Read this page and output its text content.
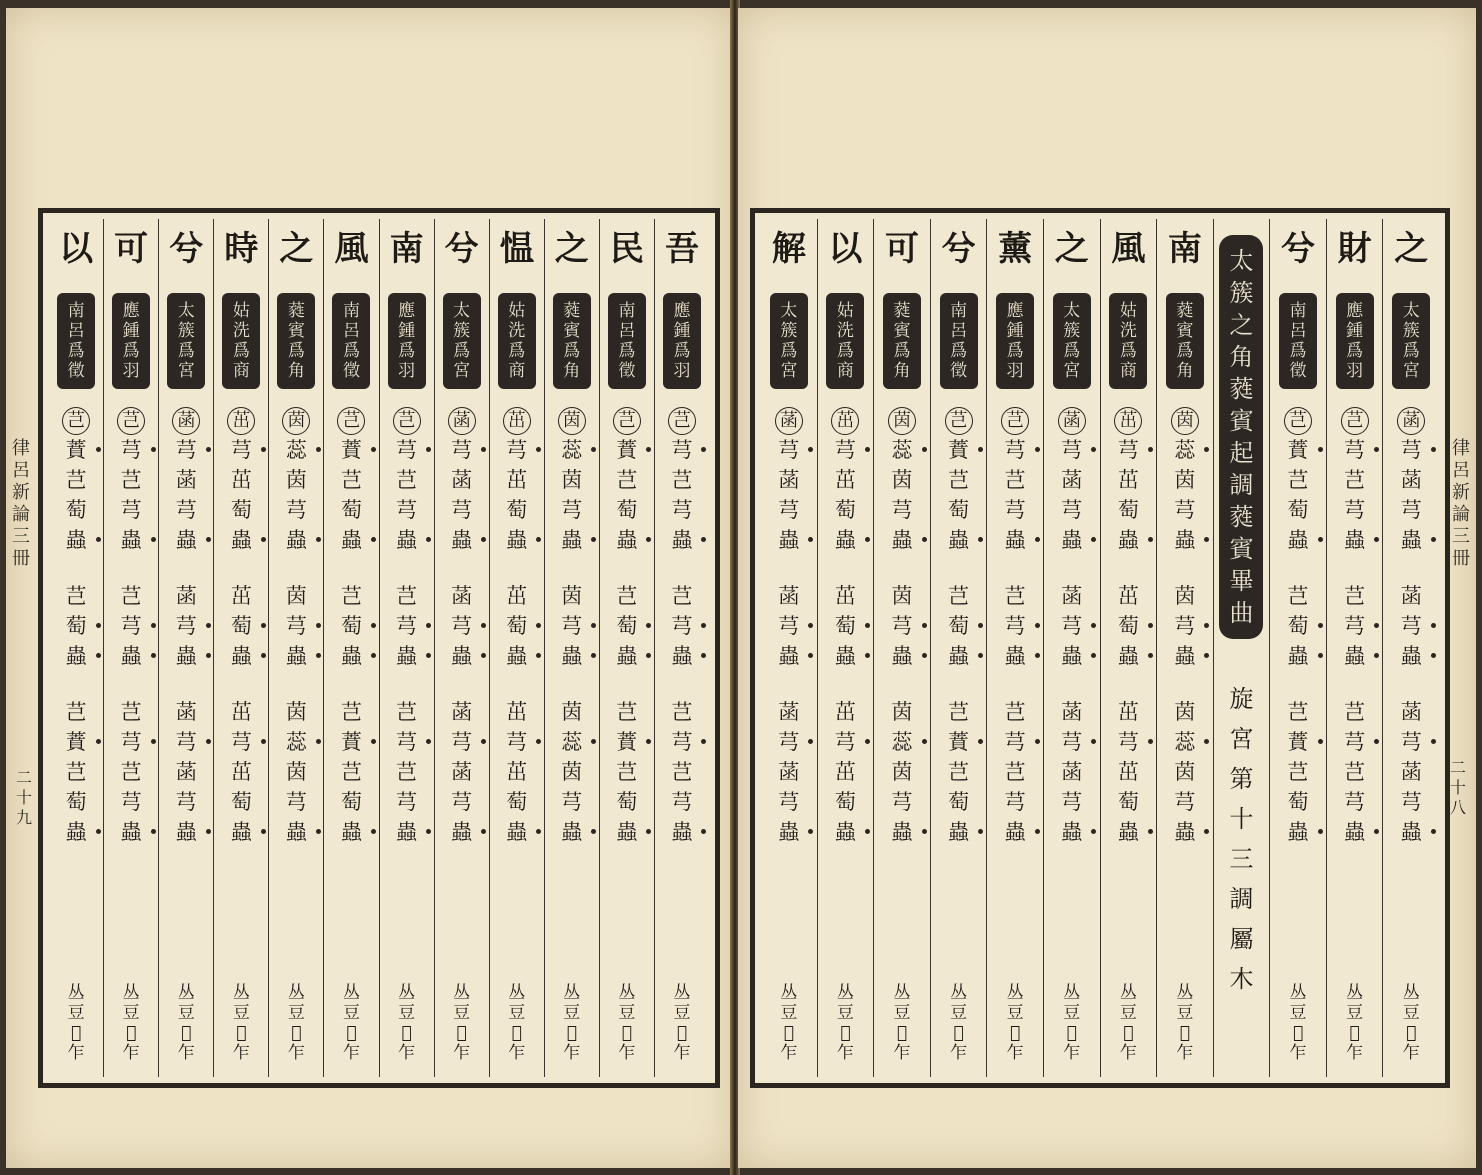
律
呂
新
論
三
冊
二
十
九
吾
應
鍾
爲
羽
芑
芎
芑
芎
蟲
芑
芎
蟲
芑
芎
芑
芎
蟲
丛
豆
𠚕
乍
民
南
呂
爲
徵
芑
蕡
芑
萄
蟲
芑
萄
蟲
芑
蕡
芑
萄
蟲
丛
豆
𠚕
乍
之
蕤
賓
爲
角
茵
蕊
茵
芎
蟲
茵
芎
蟲
茵
蕊
茵
芎
蟲
丛
豆
𠚕
乍
愠
姑
洗
爲
商
茁
芎
茁
萄
蟲
茁
萄
蟲
茁
芎
茁
萄
蟲
丛
豆
𠚕
乍
兮
太
簇
爲
宮
菡
芎
菡
芎
蟲
菡
芎
蟲
菡
芎
菡
芎
蟲
丛
豆
𠚕
乍
南
應
鍾
爲
羽
芑
芎
芑
芎
蟲
芑
芎
蟲
芑
芎
芑
芎
蟲
丛
豆
𠚕
乍
風
南
呂
爲
徵
芑
蕡
芑
萄
蟲
芑
萄
蟲
芑
蕡
芑
萄
蟲
丛
豆
𠚕
乍
之
蕤
賓
爲
角
茵
蕊
茵
芎
蟲
茵
芎
蟲
茵
蕊
茵
芎
蟲
丛
豆
𠚕
乍
時
姑
洗
爲
商
茁
芎
茁
萄
蟲
茁
萄
蟲
茁
芎
茁
萄
蟲
丛
豆
𠚕
乍
兮
太
簇
爲
宮
菡
芎
菡
芎
蟲
菡
芎
蟲
菡
芎
菡
芎
蟲
丛
豆
𠚕
乍
可
應
鍾
爲
羽
芑
芎
芑
芎
蟲
芑
芎
蟲
芑
芎
芑
芎
蟲
丛
豆
𠚕
乍
以
南
呂
爲
徵
芑
蕡
芑
萄
蟲
芑
萄
蟲
芑
蕡
芑
萄
蟲
丛
豆
𠚕
乍
律
呂
新
論
三
冊
二
十
八
之
太
簇
爲
宮
菡
芎
菡
芎
蟲
菡
芎
蟲
菡
芎
菡
芎
蟲
丛
豆
𠚕
乍
財
應
鍾
爲
羽
芑
芎
芑
芎
蟲
芑
芎
蟲
芑
芎
芑
芎
蟲
丛
豆
𠚕
乍
兮
南
呂
爲
徵
芑
蕡
芑
萄
蟲
芑
萄
蟲
芑
蕡
芑
萄
蟲
丛
豆
𠚕
乍
太
簇
之
角
蕤
賓
起
調
蕤
賓
畢
曲
旋
宮
第
十
三
調
屬
木
南
蕤
賓
爲
角
茵
蕊
茵
芎
蟲
茵
芎
蟲
茵
蕊
茵
芎
蟲
丛
豆
𠚕
乍
風
姑
洗
爲
商
茁
芎
茁
萄
蟲
茁
萄
蟲
茁
芎
茁
萄
蟲
丛
豆
𠚕
乍
之
太
簇
爲
宮
菡
芎
菡
芎
蟲
菡
芎
蟲
菡
芎
菡
芎
蟲
丛
豆
𠚕
乍
薰
應
鍾
爲
羽
芑
芎
芑
芎
蟲
芑
芎
蟲
芑
芎
芑
芎
蟲
丛
豆
𠚕
乍
兮
南
呂
爲
徵
芑
蕡
芑
萄
蟲
芑
萄
蟲
芑
蕡
芑
萄
蟲
丛
豆
𠚕
乍
可
蕤
賓
爲
角
茵
蕊
茵
芎
蟲
茵
芎
蟲
茵
蕊
茵
芎
蟲
丛
豆
𠚕
乍
以
姑
洗
爲
商
茁
芎
茁
萄
蟲
茁
萄
蟲
茁
芎
茁
萄
蟲
丛
豆
𠚕
乍
解
太
簇
爲
宮
菡
芎
菡
芎
蟲
菡
芎
蟲
菡
芎
菡
芎
蟲
丛
豆
𠚕
乍
